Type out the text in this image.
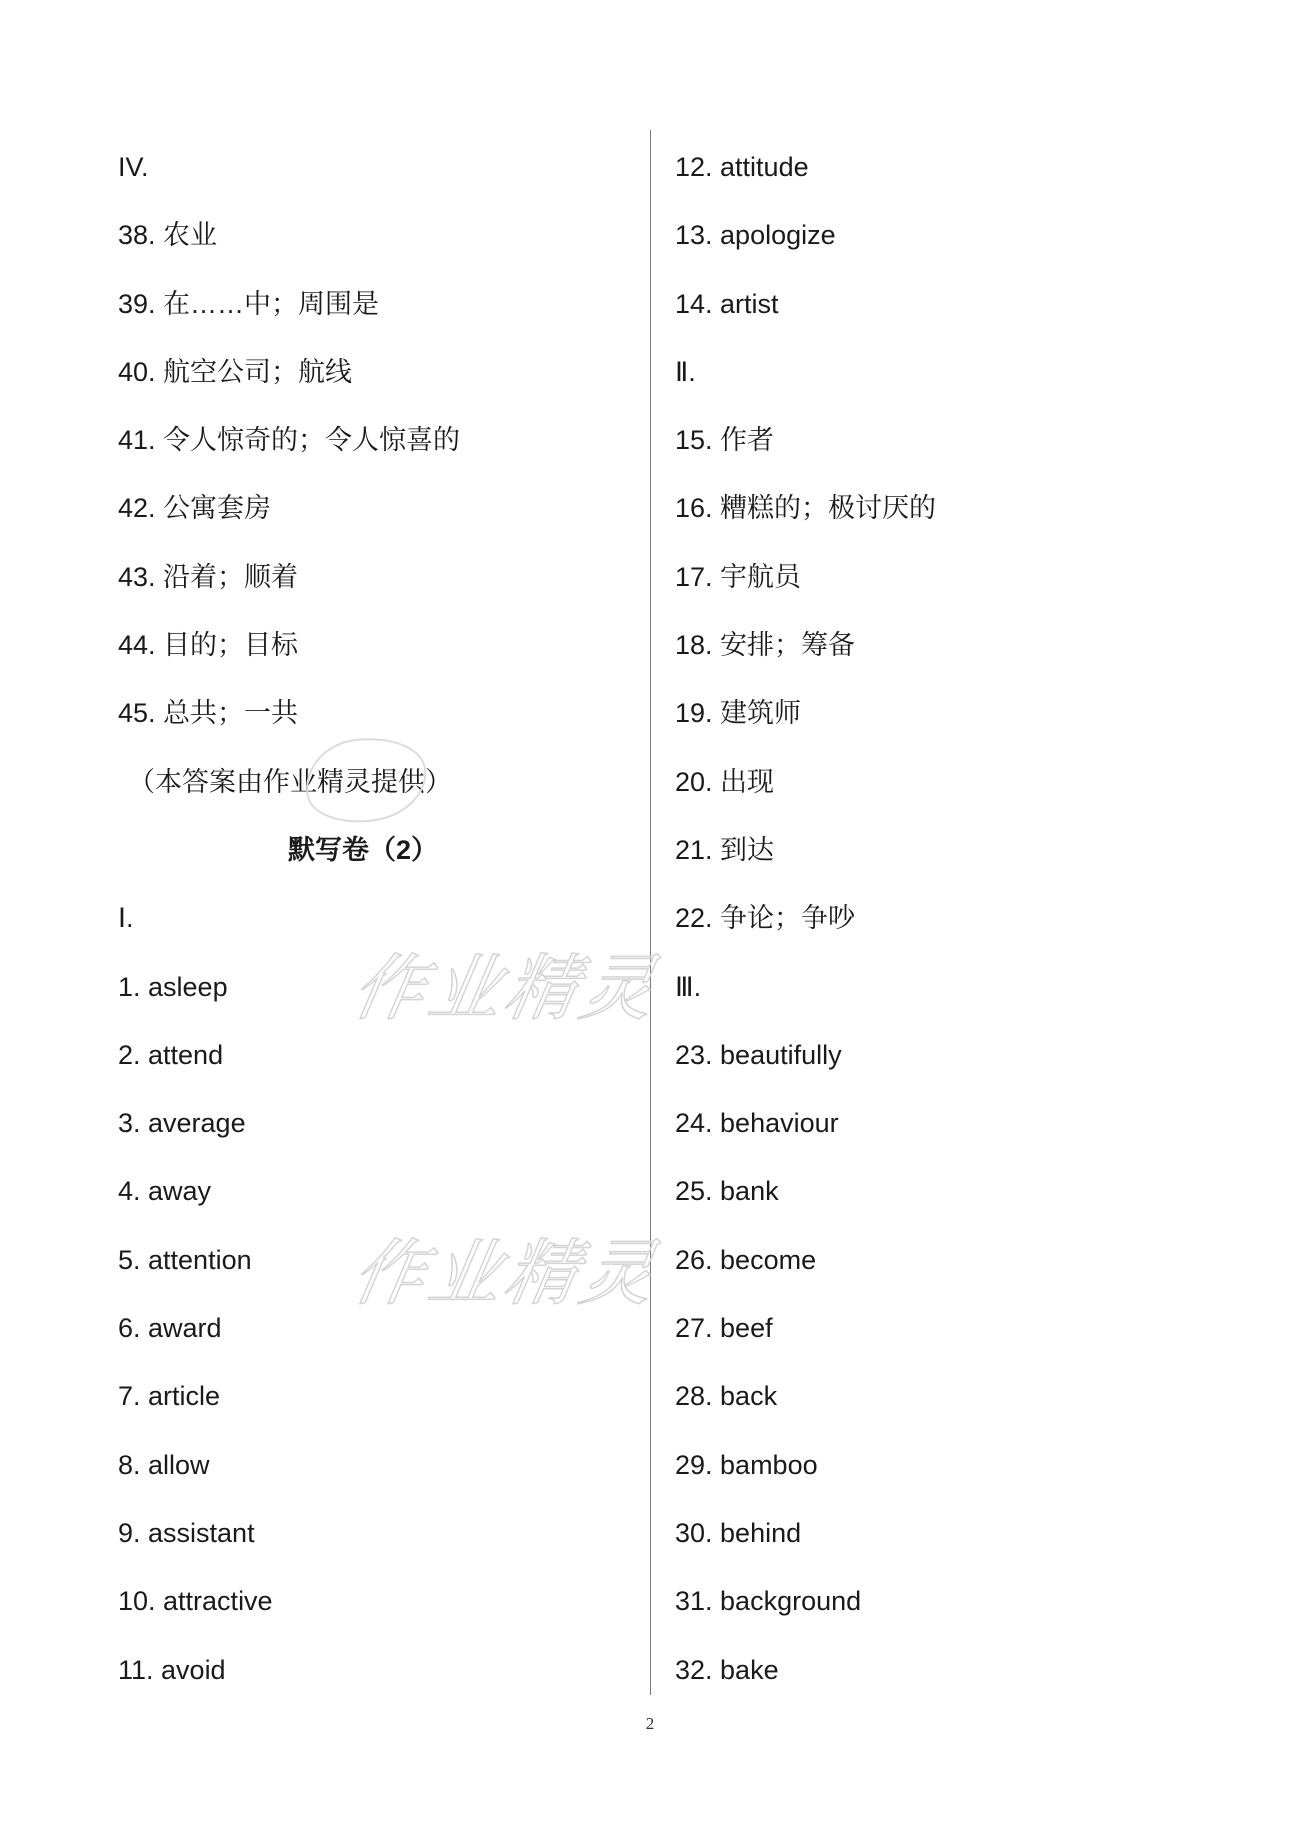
IV.
38. 农业
39. 在……中；周围是
40. 航空公司；航线
41. 令人惊奇的；令人惊喜的
42. 公寓套房
43. 沿着；顺着
44. 目的；目标
45. 总共；一共
（本答案由作业精灵提供）
默写卷（2）
Ⅰ.
1. asleep
2. attend
3. average
4. away
5. attention
6. award
7. article
8. allow
9. assistant
10. attractive
11. avoid
12. attitude
13. apologize
14. artist
Ⅱ.
15. 作者
16. 糟糕的；极讨厌的
17. 宇航员
18. 安排；筹备
19. 建筑师
20. 出现
21. 到达
22. 争论；争吵
Ⅲ.
23. beautifully
24. behaviour
25. bank
26. become
27. beef
28. back
29. bamboo
30. behind
31. background
32. bake
作业精灵
作业精灵
2
